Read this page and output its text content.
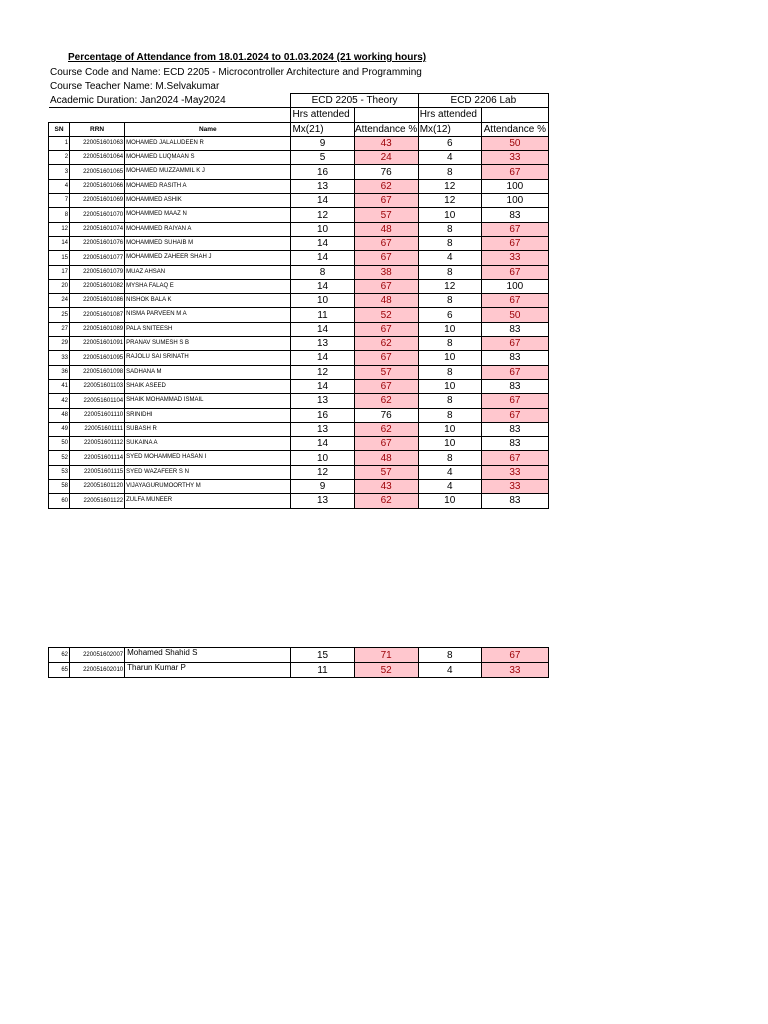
Percentage of Attendance from 18.01.2024 to 01.03.2024 (21 working hours)
Course Code and Name: ECD 2205 - Microcontroller Architecture and Programming
Course Teacher Name: M.Selvakumar
Academic Duration: Jan2024 -May2024
			ECD 2205 - Theory		ECD 2206 Lab	
			Hrs attended		Hrs attended	
SN	RRN	Name	Mx(21)	Attendance %	Mx(12)	Attendance %
1	220051601063	MOHAMED JALALUDEEN R	9	43	6	50
2	220051601064	MOHAMED LUQMAAN S	5	24	4	33
3	220051601065	MOHAMED MUZZAMMIL K J	16	76	8	67
4	220051601066	MOHAMED RASITH A	13	62	12	100
7	220051601069	MOHAMMED ASHIK	14	67	12	100
8	220051601070	MOHAMMED MAAZ N	12	57	10	83
12	220051601074	MOHAMMED RAIYAN A	10	48	8	67
14	220051601076	MOHAMMED SUHAIB M	14	67	8	67
15	220051601077	MOHAMMED ZAHEER SHAH J	14	67	4	33
17	220051601079	MUAZ AHSAN	8	38	8	67
20	220051601082	MYSHA FALAQ E	14	67	12	100
24	220051601086	NISHOK BALA K	10	48	8	67
25	220051601087	NISMA PARVEEN M A	11	52	6	50
27	220051601089	PALA SNITEESH	14	67	10	83
29	220051601091	PRANAV SUMESH S B	13	62	8	67
33	220051601095	RAJOLU SAI SRINATH	14	67	10	83
36	220051601098	SADHANA M	12	57	8	67
41	220051601103	SHAIK ASEED	14	67	10	83
42	220051601104	SHAIK MOHAMMAD ISMAIL	13	62	8	67
48	220051601110	SRINIDHI	16	76	8	67
49	220051601111	SUBASH R	13	62	10	83
50	220051601112	SUKAINA A	14	67	10	83
52	220051601114	SYED MOHAMMED HASAN I	10	48	8	67
53	220051601115	SYED WAZAFEER S N	12	57	4	33
58	220051601120	VIJAYAGURUMOORTHY M	9	43	4	33
60	220051601122	ZULFA MUNEER	13	62	10	83
62	220051602007	Mohamed Shahid S	15	71	8	67
65	220051602010	Tharun Kumar P	11	52	4	33
